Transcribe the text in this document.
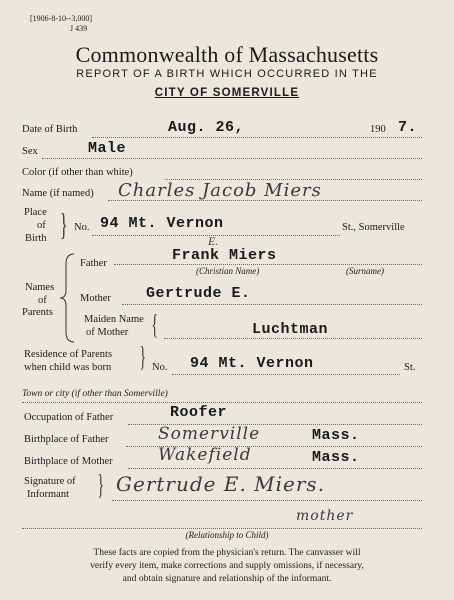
[1906-8-10--3,000]
J 439
Commonwealth of Massachusetts
REPORT OF A BIRTH WHICH OCCURRED IN THE
CITY OF SOMERVILLE
Date of Birth	Aug. 26,	190 7.
Sex	Male
Color (if other than white)
Name (if named) Charles Jacob Miers
Place
of
Birth } No. 94 Mt. Vernon	St., Somerville
Names
of
Parents
Father	Frank Miers
E.
(Christian Name)	(Surname)
Mother Gertrude E.
Maiden Name
of Mother {	Luchtman
Residence of Parents
when child was born } No. 94 Mt. Vernon	St.
Town or city (if other than Somerville)
Occupation of Father	Roofer
Birthplace of Father	Somerville	Mass.
Birthplace of Mother	Wakefield	Mass.
Signature of
Informant } Gertrude E. Miers.
mother
(Relationship to Child)
These facts are copied from the physician's return. The canvasser will
verify every item, make corrections and supply omissions, if necessary,
and obtain signature and relationship of the informant.
